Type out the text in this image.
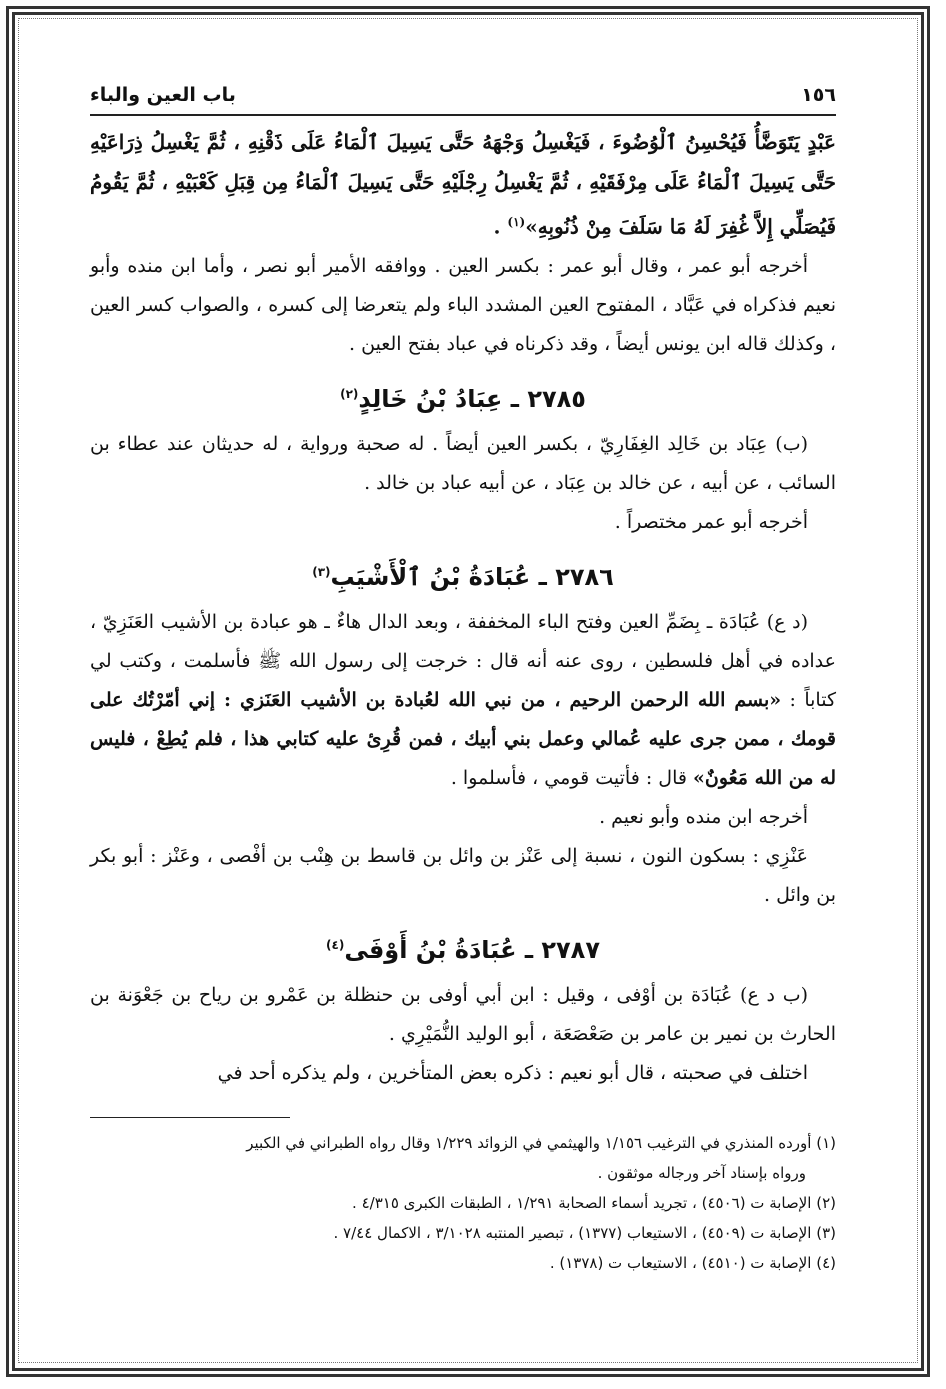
١٥٦
باب العين والباء

عَبْدٍ يَتَوَضَّأُ فَيُحْسِنُ ٱلْوُضُوءَ ، فَيَغْسِلُ وَجْهَهُ حَتَّى يَسِيلَ ٱلْمَاءُ عَلَى ذَقْنِهِ ، ثُمَّ يَغْسِلُ ذِرَاعَيْهِ حَتَّى يَسِيلَ ٱلْمَاءُ عَلَى مِرْفَقَيْهِ ، ثُمَّ يَغْسِلُ رِجْلَيْهِ حَتَّى يَسِيلَ ٱلْمَاءُ مِن قِبَلِ كَعْبَيْهِ ، ثُمَّ يَقُومُ فَيُصَلِّي إِلاَّ غُفِرَ لَهُ مَا سَلَفَ مِنْ ذُنُوبِهِ»$^{(١)}$ .

أخرجه أبو عمر ، وقال أبو عمر : بكسر العين . ووافقه الأمير أبو نصر ، وأما ابن منده وأبو نعيم فذكراه في عَبَّاد ، المفتوح العين المشدد الباء ولم يتعرضا إلى كسره ، والصواب كسر العين ، وكذلك قاله ابن يونس أيضاً ، وقد ذكرناه في عباد بفتح العين .

٢٧٨٥ ـ عِبَادُ بْنُ خَالِدٍ$^{(٢)}$

(ب) عِبَاد بن خَالِد الغِفَارِيّ ، بكسر العين أيضاً . له صحبة ورواية ، له حديثان عند عطاء بن السائب ، عن أبيه ، عن خالد بن عِبَاد ، عن أبيه عباد بن خالد .

أخرجه أبو عمر مختصراً .

٢٧٨٦ ـ عُبَادَةُ بْنُ ٱلْأَشْيَبِ$^{(٣)}$

(د ع) عُبَادَة ـ بِضَمِّ العين وفتح الباء المخففة ، وبعد الدال هاءٌ ـ هو عبادة بن الأشيب العَنَزِيّ ، عداده في أهل فلسطين ، روى عنه أنه قال : خرجت إلى رسول الله ﷺ فأسلمت ، وكتب لي كتاباً : «بسم الله الرحمن الرحيم ، من نبي الله لعُبادة بن الأشيب العَنَزي : إني أمّرْتُك على قومك ، ممن جرى عليه عُمالي وعمل بني أبيك ، فمن قُرِئ عليه كتابي هذا ، فلم يُطِعْ ، فليس له من الله مَعُونٌ» قال : فأتيت قومي ، فأسلموا .

أخرجه ابن منده وأبو نعيم .

عَنْزِي : بسكون النون ، نسبة إلى عَنْز بن وائل بن قاسط بن هِنْب بن أفْصى ، وعَنْز : أبو بكر بن وائل .

٢٧٨٧ ـ عُبَادَةُ بْنُ أَوْفَى$^{(٤)}$

(ب د ع) عُبَادَة بن أوْفى ، وقيل : ابن أبي أوفى بن حنظلة بن عَمْرو بن رياح بن جَعْوَنة بن الحارث بن نمير بن عامر بن صَعْصَعَة ، أبو الوليد النُّمَيْرِي .

اختلف في صحبته ، قال أبو نعيم : ذكره بعض المتأخرين ، ولم يذكره أحد في

(١) أورده المنذري في الترغيب ١/١٥٦ والهيثمي في الزوائد ١/٢٢٩ وقال رواه الطبراني في الكبير
ورواه بإسناد آخر ورجاله موثقون .
(٢) الإصابة ت (٤٥٠٦) ، تجريد أسماء الصحابة ١/٢٩١ ، الطبقات الكبرى ٤/٣١٥ .
(٣) الإصابة ت (٤٥٠٩) ، الاستيعاب (١٣٧٧) ، تبصير المنتبه ٣/١٠٢٨ ، الاكمال ٧/٤٤ .
(٤) الإصابة ت (٤٥١٠) ، الاستيعاب ت (١٣٧٨) .
